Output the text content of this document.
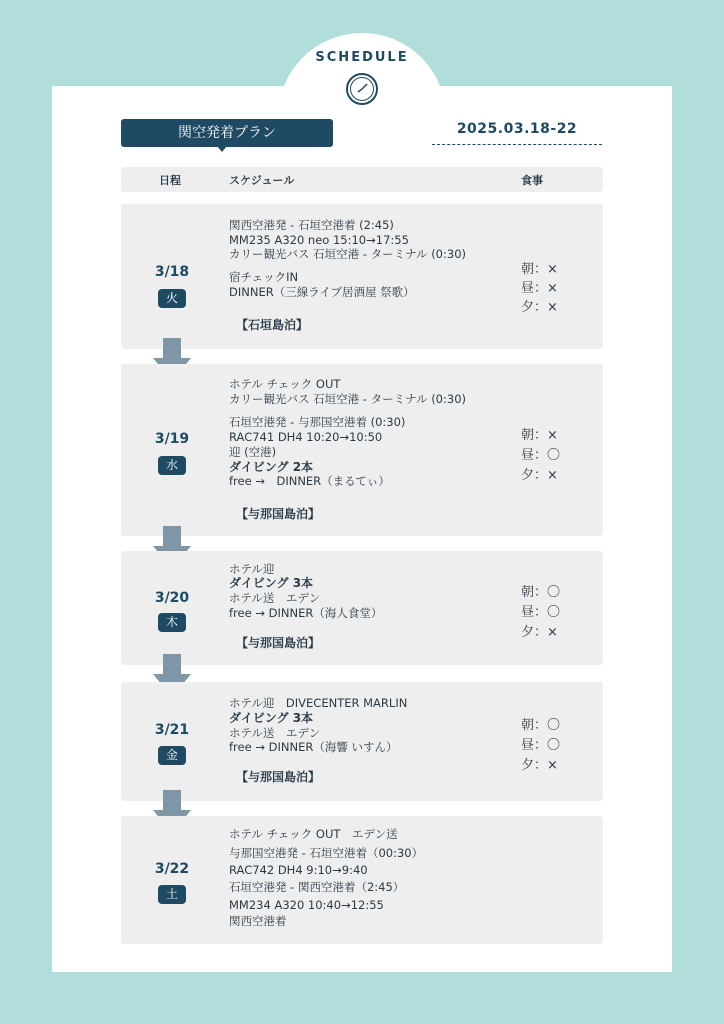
SCHEDULE
関空発着プラン	2025.03.18-22
日程	スケジュール	食事
3/18
火
関西空港発 - 石垣空港着 (2:45)
MM235 A320 neo 15:10→17:55
カリー観光バス 石垣空港 - ターミナル (0:30)
宿チェックIN
DINNER（三線ライブ居酒屋 祭歌）
【石垣島泊】
朝：×
昼：×
夕：×
3/19
水
ホテル チェック OUT
カリー観光バス 石垣空港 - ターミナル (0:30)
石垣空港発 - 与那国空港着 (0:30)
RAC741 DH4 10:20→10:50
迎 (空港)
ダイビング 2本
free →　DINNER（まるてぃ）
【与那国島泊】
朝：×
昼：〇
夕：×
3/20
木
ホテル迎
ダイビング 3本
ホテル送　エデン
free → DINNER（海人食堂）
【与那国島泊】
朝：〇
昼：〇
夕：×
3/21
金
ホテル迎　DIVECENTER MARLIN
ダイビング 3本
ホテル送　エデン
free → DINNER（海響 いすん）
【与那国島泊】
朝：〇
昼：〇
夕：×
3/22
土
ホテル チェック OUT　エデン送
与那国空港発 - 石垣空港着（00:30）
RAC742 DH4 9:10→9:40
石垣空港発 - 関西空港着（2:45）
MM234 A320 10:40→12:55
関西空港着
